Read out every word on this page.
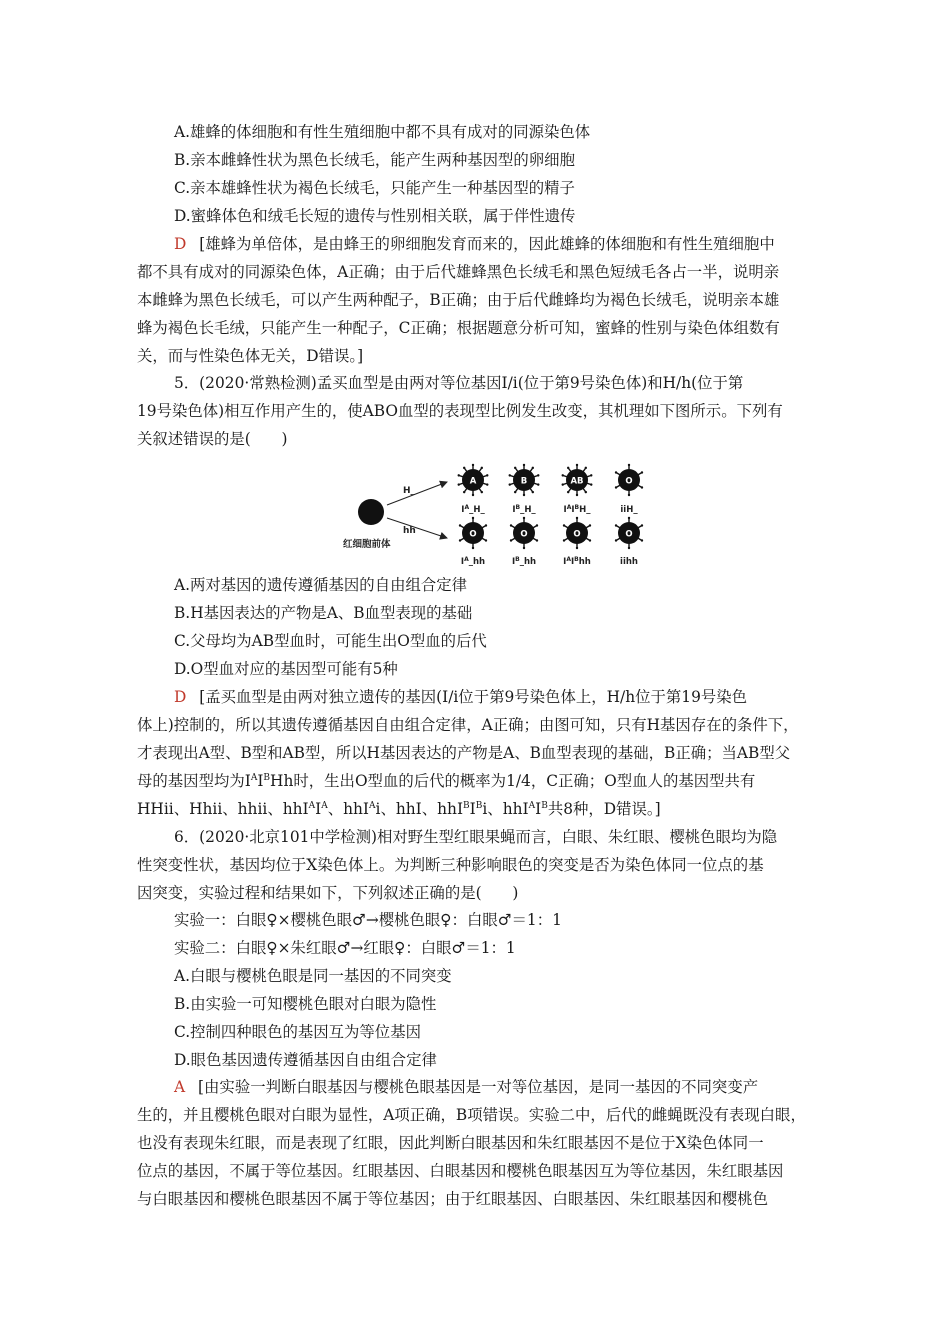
A.雄蜂的体细胞和有性生殖细胞中都不具有成对的同源染色体
B.亲本雌蜂性状为黑色长绒毛，能产生两种基因型的卵细胞
C.亲本雄蜂性状为褐色长绒毛，只能产生一种基因型的精子
D.蜜蜂体色和绒毛长短的遗传与性别相关联，属于伴性遗传
D [雄蜂为单倍体，是由蜂王的卵细胞发育而来的，因此雄蜂的体细胞和有性生殖细胞中
都不具有成对的同源染色体，A正确；由于后代雄蜂黑色长绒毛和黑色短绒毛各占一半，说明亲
本雌蜂为黑色长绒毛，可以产生两种配子，B正确；由于后代雌蜂均为褐色长绒毛，说明亲本雄
蜂为褐色长毛绒，只能产生一种配子，C正确；根据题意分析可知，蜜蜂的性别与染色体组数有
关，而与性染色体无关，D错误。]
5．(2020·常熟检测)孟买血型是由两对等位基因I/i(位于第9号染色体)和H/h(位于第
19号染色体)相互作用产生的，使ABO血型的表现型比例发生改变，其机理如下图所示。下列有
关叙述错误的是(　　)
红细胞前体
H_
hh
A
$I^A\_H\_$
B
$I^B\_H\_$
AB
$I^AI^BH\_$
O
iiH_
O
$I^A\_hh$
O
$I^B\_hh$
O
$I^AI^Bhh$
O
iihh
A.两对基因的遗传遵循基因的自由组合定律
B.H基因表达的产物是A、B血型表现的基础
C.父母均为AB型血时，可能生出O型血的后代
D.O型血对应的基因型可能有5种
D [孟买血型是由两对独立遗传的基因(I/i位于第9号染色体上，H/h位于第19号染色
体上)控制的，所以其遗传遵循基因自由组合定律，A正确；由图可知，只有H基因存在的条件下，
才表现出A型、B型和AB型，所以H基因表达的产物是A、B血型表现的基础，B正确；当AB型父
母的基因型均为$I^AI^BHh$时，生出O型血的后代的概率为1/4，C正确；O型血人的基因型共有
HHii、Hhii、hhii、$hhI^AI^A$、hhI$^A$i、hhI、$hhI^BI^Bi$、$hhI^AI^B$共8种，D错误。]
6．(2020·北京101中学检测)相对野生型红眼果蝇而言，白眼、朱红眼、樱桃色眼均为隐
性突变性状，基因均位于X染色体上。为判断三种影响眼色的突变是否为染色体同一位点的基
因突变，实验过程和结果如下，下列叙述正确的是(　　)
实验一：白眼♀×樱桃色眼♂→樱桃色眼♀：白眼♂＝1：1
实验二：白眼♀×朱红眼♂→红眼♀：白眼♂＝1：1
A.白眼与樱桃色眼是同一基因的不同突变
B.由实验一可知樱桃色眼对白眼为隐性
C.控制四种眼色的基因互为等位基因
D.眼色基因遗传遵循基因自由组合定律
A [由实验一判断白眼基因与樱桃色眼基因是一对等位基因，是同一基因的不同突变产
生的，并且樱桃色眼对白眼为显性，A项正确，B项错误。实验二中，后代的雌蝇既没有表现白眼，
也没有表现朱红眼，而是表现了红眼，因此判断白眼基因和朱红眼基因不是位于X染色体同一
位点的基因，不属于等位基因。红眼基因、白眼基因和樱桃色眼基因互为等位基因，朱红眼基因
与白眼基因和樱桃色眼基因不属于等位基因；由于红眼基因、白眼基因、朱红眼基因和樱桃色
